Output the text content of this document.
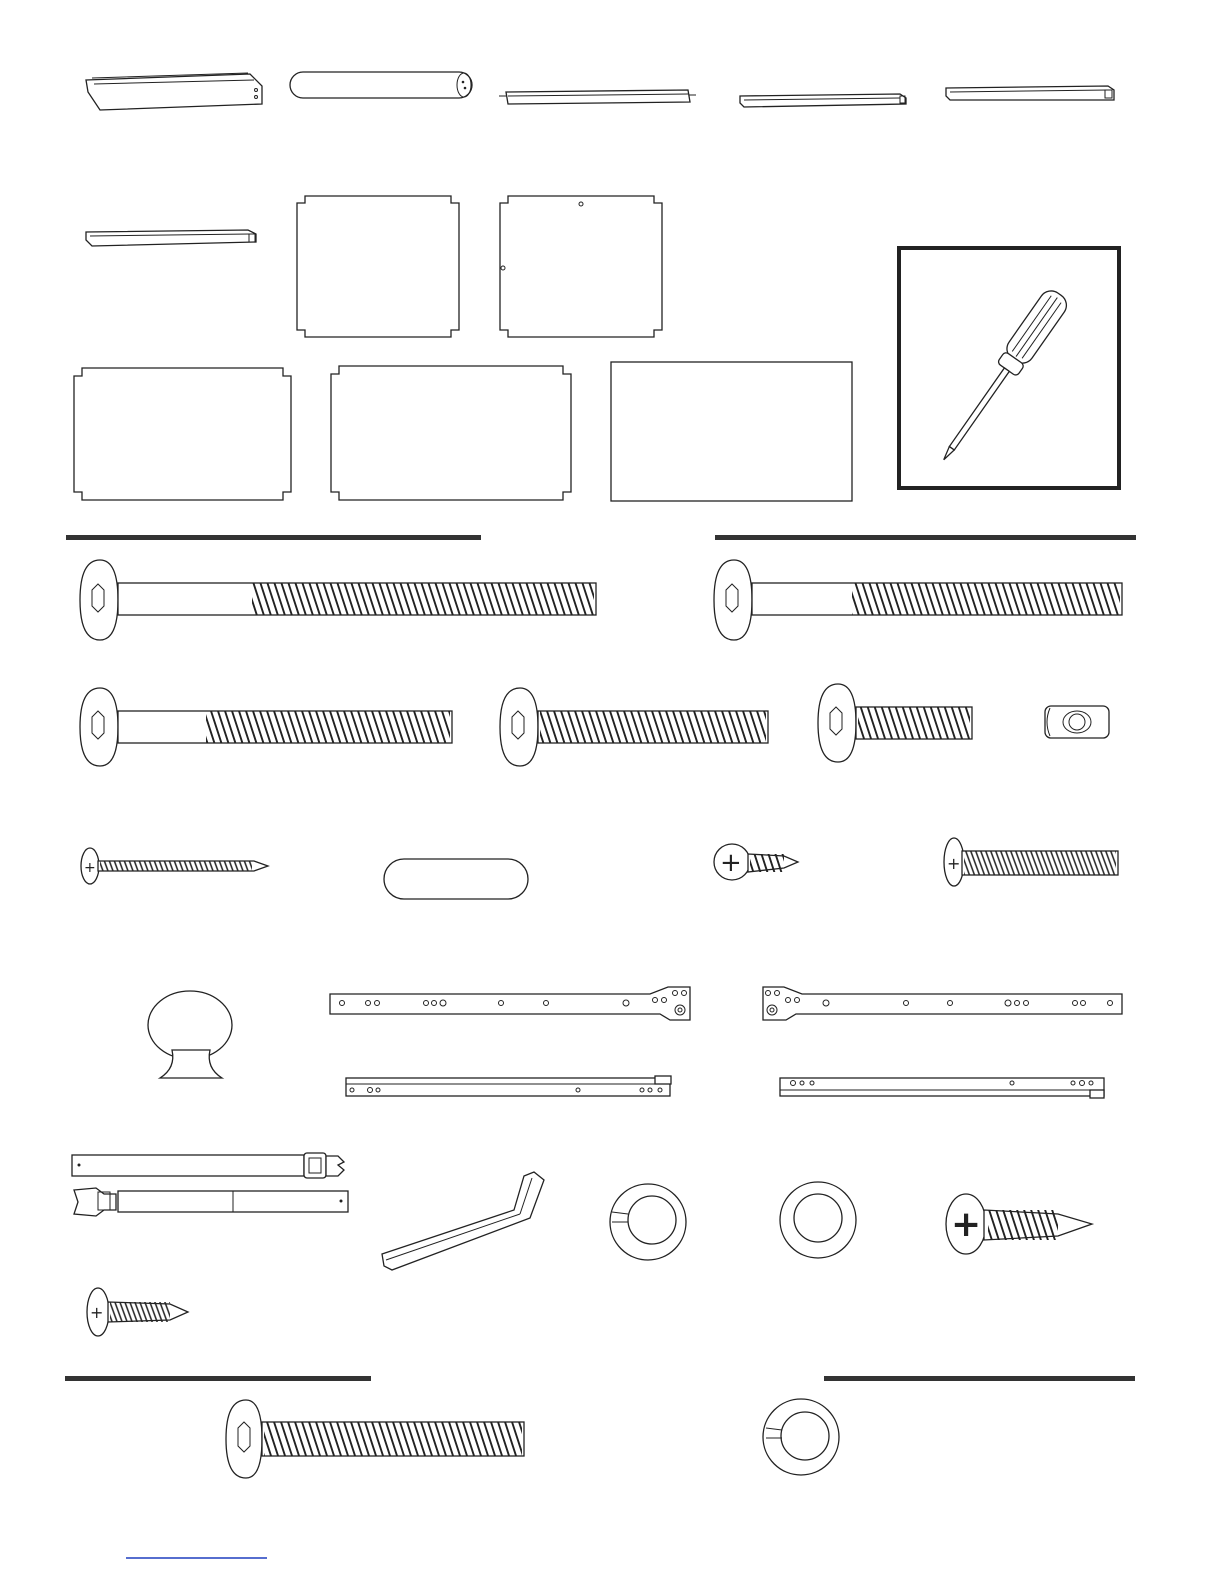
+	+	+
+
+
